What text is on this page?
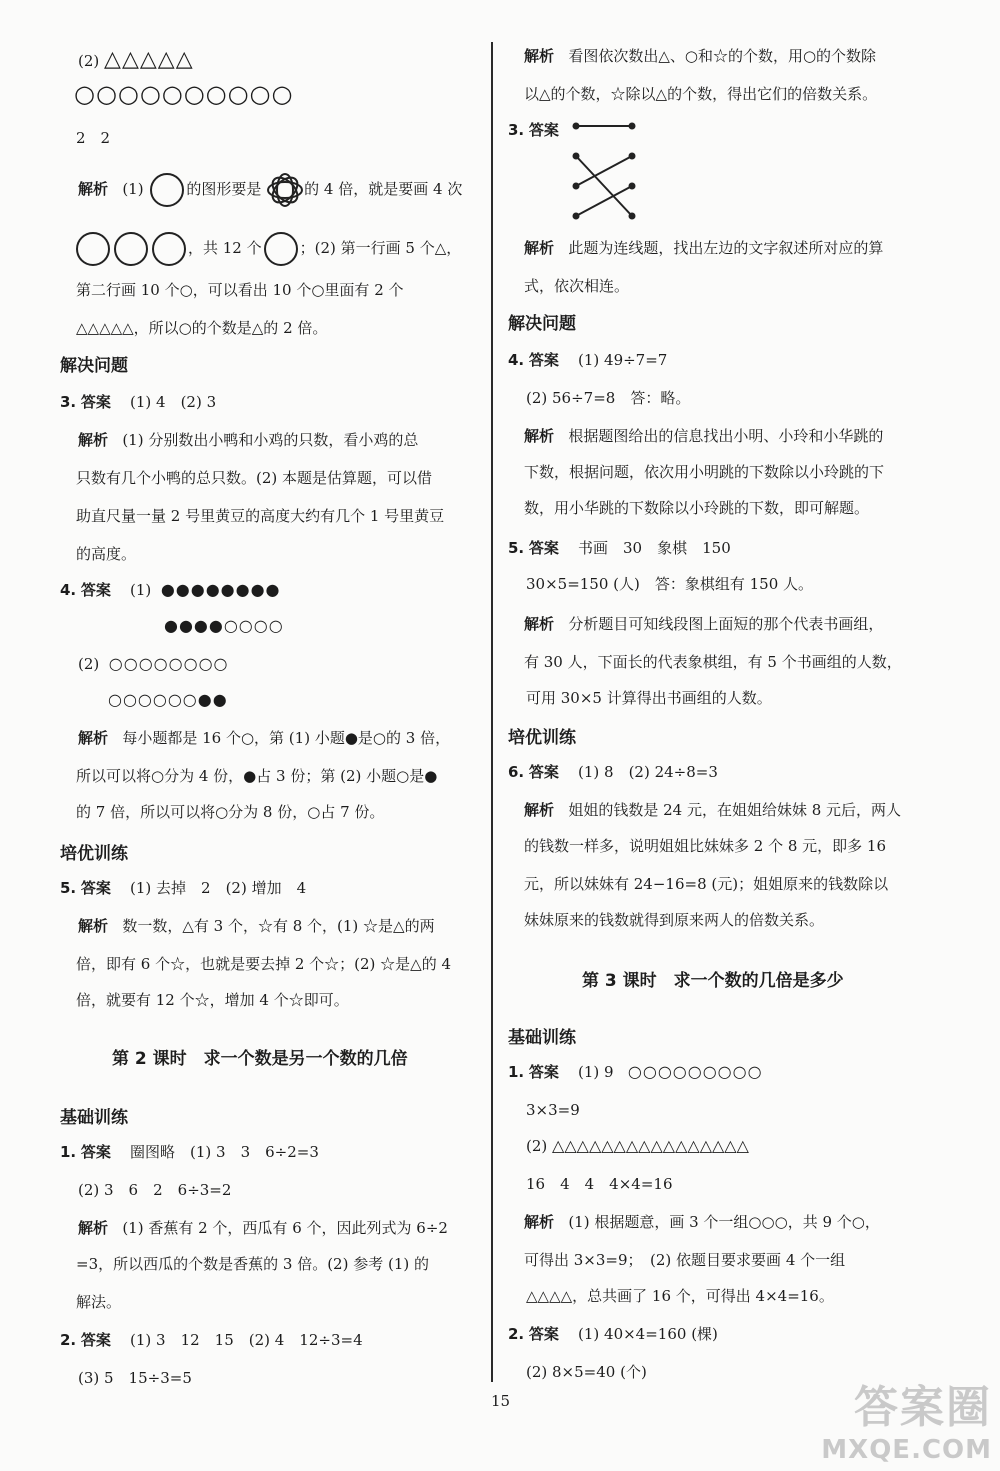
(2) △△△△△
○○○○○○○○○○
2　2
解析 (1)	的图形要是	的 4 倍，就是要画 4 次
，共 12 个	；(2) 第一行画 5 个△，
第二行画 10 个○，可以看出 10 个○里面有 2 个
△△△△△，所以○的个数是△的 2 倍。
解决问题
3. 答案 (1) 4　(2) 3
解析 (1) 分别数出小鸭和小鸡的只数，看小鸡的总
只数有几个小鸭的总只数。(2) 本题是估算题，可以借
助直尺量一量 2 号里黄豆的高度大约有几个 1 号里黄豆
的高度。
4. 答案 (1) ●●●●●●●●
●●●●○○○○
(2) ○○○○○○○○
○○○○○○●●
解析 每小题都是 16 个○，第 (1) 小题●是○的 3 倍，
所以可以将○分为 4 份，●占 3 份；第 (2) 小题○是●
的 7 倍，所以可以将○分为 8 份，○占 7 份。
培优训练
5. 答案 (1) 去掉　2　(2) 增加　4
解析 数一数，△有 3 个，☆有 8 个，(1) ☆是△的两
倍，即有 6 个☆，也就是要去掉 2 个☆；(2) ☆是△的 4
倍，就要有 12 个☆，增加 4 个☆即可。
第 2 课时　求一个数是另一个数的几倍
基础训练
1. 答案 圈图略　(1) 3　3　6÷2=3
(2) 3　6　2　6÷3=2
解析 (1) 香蕉有 2 个，西瓜有 6 个，因此列式为 6÷2
=3，所以西瓜的个数是香蕉的 3 倍。(2) 参考 (1) 的
解法。
2. 答案 (1) 3　12　15　(2) 4　12÷3=4
(3) 5　15÷3=5
解析 看图依次数出△、○和☆的个数，用○的个数除
以△的个数，☆除以△的个数，得出它们的倍数关系。
3. 答案
解析 此题为连线题，找出左边的文字叙述所对应的算
式，依次相连。
解决问题
4. 答案 (1) 49÷7=7
(2) 56÷7=8　答：略。
解析 根据题图给出的信息找出小明、小玲和小华跳的
下数，根据问题，依次用小明跳的下数除以小玲跳的下
数，用小华跳的下数除以小玲跳的下数，即可解题。
5. 答案 书画　30　象棋　150
30×5=150 (人)　答：象棋组有 150 人。
解析 分析题目可知线段图上面短的那个代表书画组，
有 30 人，下面长的代表象棋组，有 5 个书画组的人数，
可用 30×5 计算得出书画组的人数。
培优训练
6. 答案 (1) 8　(2) 24÷8=3
解析 姐姐的钱数是 24 元，在姐姐给妹妹 8 元后，两人
的钱数一样多，说明姐姐比妹妹多 2 个 8 元，即多 16
元，所以妹妹有 24−16=8 (元)；姐姐原来的钱数除以
妹妹原来的钱数就得到原来两人的倍数关系。
第 3 课时　求一个数的几倍是多少
基础训练
1. 答案 (1) 9 ○○○○○○○○○
3×3=9
(2) △△△△△△△△△△△△△△△△
16　4　4　4×4=16
解析 (1) 根据题意，画 3 个一组○○○，共 9 个○，
可得出 3×3=9；　(2) 依题目要求要画 4 个一组
△△△△，总共画了 16 个，可得出 4×4=16。
2. 答案 (1) 40×4=160 (棵)
(2) 8×5=40 (个)
15	答案圈
MXQE.COM
